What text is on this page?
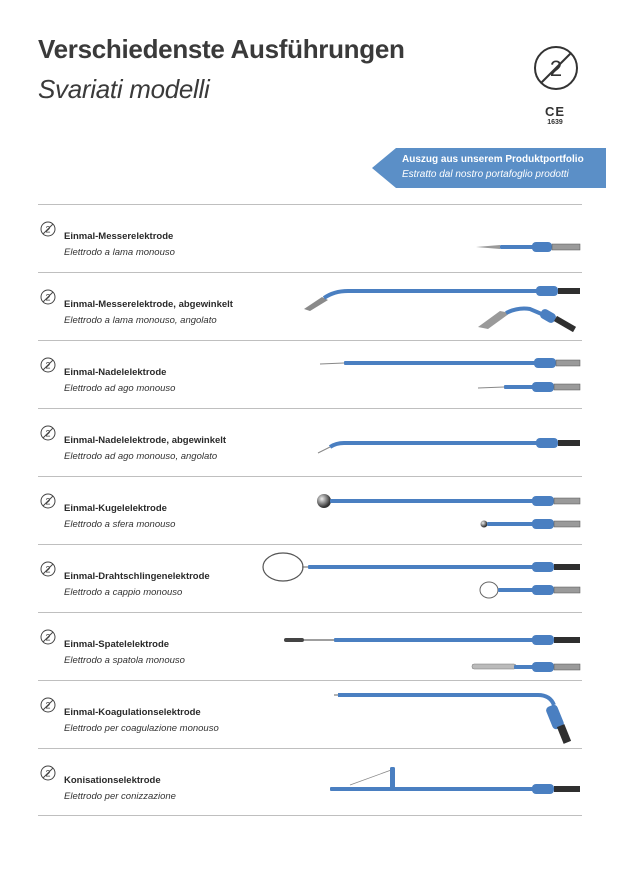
Verschiedenste Ausführungen
Svariati modelli
2
CE
1639
Auszug aus unserem Produktportfolio
Estratto dal nostro portafoglio prodotti
2
Einmal-Messerelektrode
Elettrodo a lama monouso
2
Einmal-Messerelektrode, abgewinkelt
Elettrodo a lama monouso, angolato
2
Einmal-Nadelelektrode
Elettrodo ad ago monouso
2
Einmal-Nadelelektrode, abgewinkelt
Elettrodo ad ago monouso, angolato
2
Einmal-Kugelelektrode
Elettrodo a sfera monouso
2
Einmal-Drahtschlingenelektrode
Elettrodo a cappio monouso
2
Einmal-Spatelelektrode
Elettrodo a spatola monouso
2
Einmal-Koagulationselektrode
Elettrodo per coagulazione monouso
2
Konisationselektrode
Elettrodo per conizzazione
